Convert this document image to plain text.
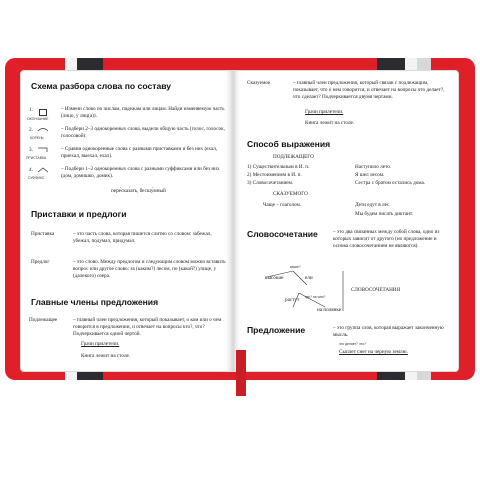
Схема разбора слова по составу
1.
ОКОНЧАНИЕ
– Измени слово по числам, падежам или лицам. Найди изменяемую часть (лицо, у лиц(а)).
2.
КОРЕНЬ
– Подбери 2–3 однокоренных слова, выдели общую часть (голос, голосок, голосовой).
3.
ПРИСТАВКА
– Сравни однокоренные слова с разными приставками и без них (ехал, приехал, выехал, ехал).
4.
СУФФИКС
– Подбери 1–2 однокоренных слова с разными суффиксами или без них (дом, домишко, домик).
пере́сказ́ать, бесшу́мный
Приставки и предлоги
Приставка	– это часть слова, которая пишется слитно со словом: забежал, убежал, подумал, придумал.
Предлог	– это слово. Между предлогом и следующим словом можно вставить вопрос или другое слово: за (каким?) лесом, по (какой?) улице, у (далекого) озера.
Главные члены предложения
Подлежащее	– главный член предложения, который показывает, о ком или о чем говорится в предложении, и отвечает на вопросы кто?, что? Подчеркивается одной чертой.
Грачи прилетели.
Книга лежит на столе.
Сказуемое	– главный член предложения, который связан с подлежащим, показывает, что о нем говорится, и отвечает на вопросы что делает?, что сделает? Подчеркивается двумя чертами.
Грачи прилетели.
Книга лежит на столе.
Способ выражения
ПОДЛЕЖАЩЕГО
1) Существительным в И. п.	Наступило лето.
2) Местоимением в И. п.	Я шел лесом.
3) Словосочетанием.	Сестра с братом остались дома.
СКАЗУЕМОГО
Чаще – глаголом.	Дети едут в лес.
Мы будем писать диктант.
Словосочетание	– это два связанных между собой слова, одно из которых зависит от другого (но предложение и основа словосочетанием не являются).
какие?
высокие	ели
растут где? на чем?
на полянке
СЛОВОСОЧЕТАНИЯ
Предложение	– это группа слов, которая выражает законченную мысль.
что делает? что?
Сыплет снег на черную землю.
